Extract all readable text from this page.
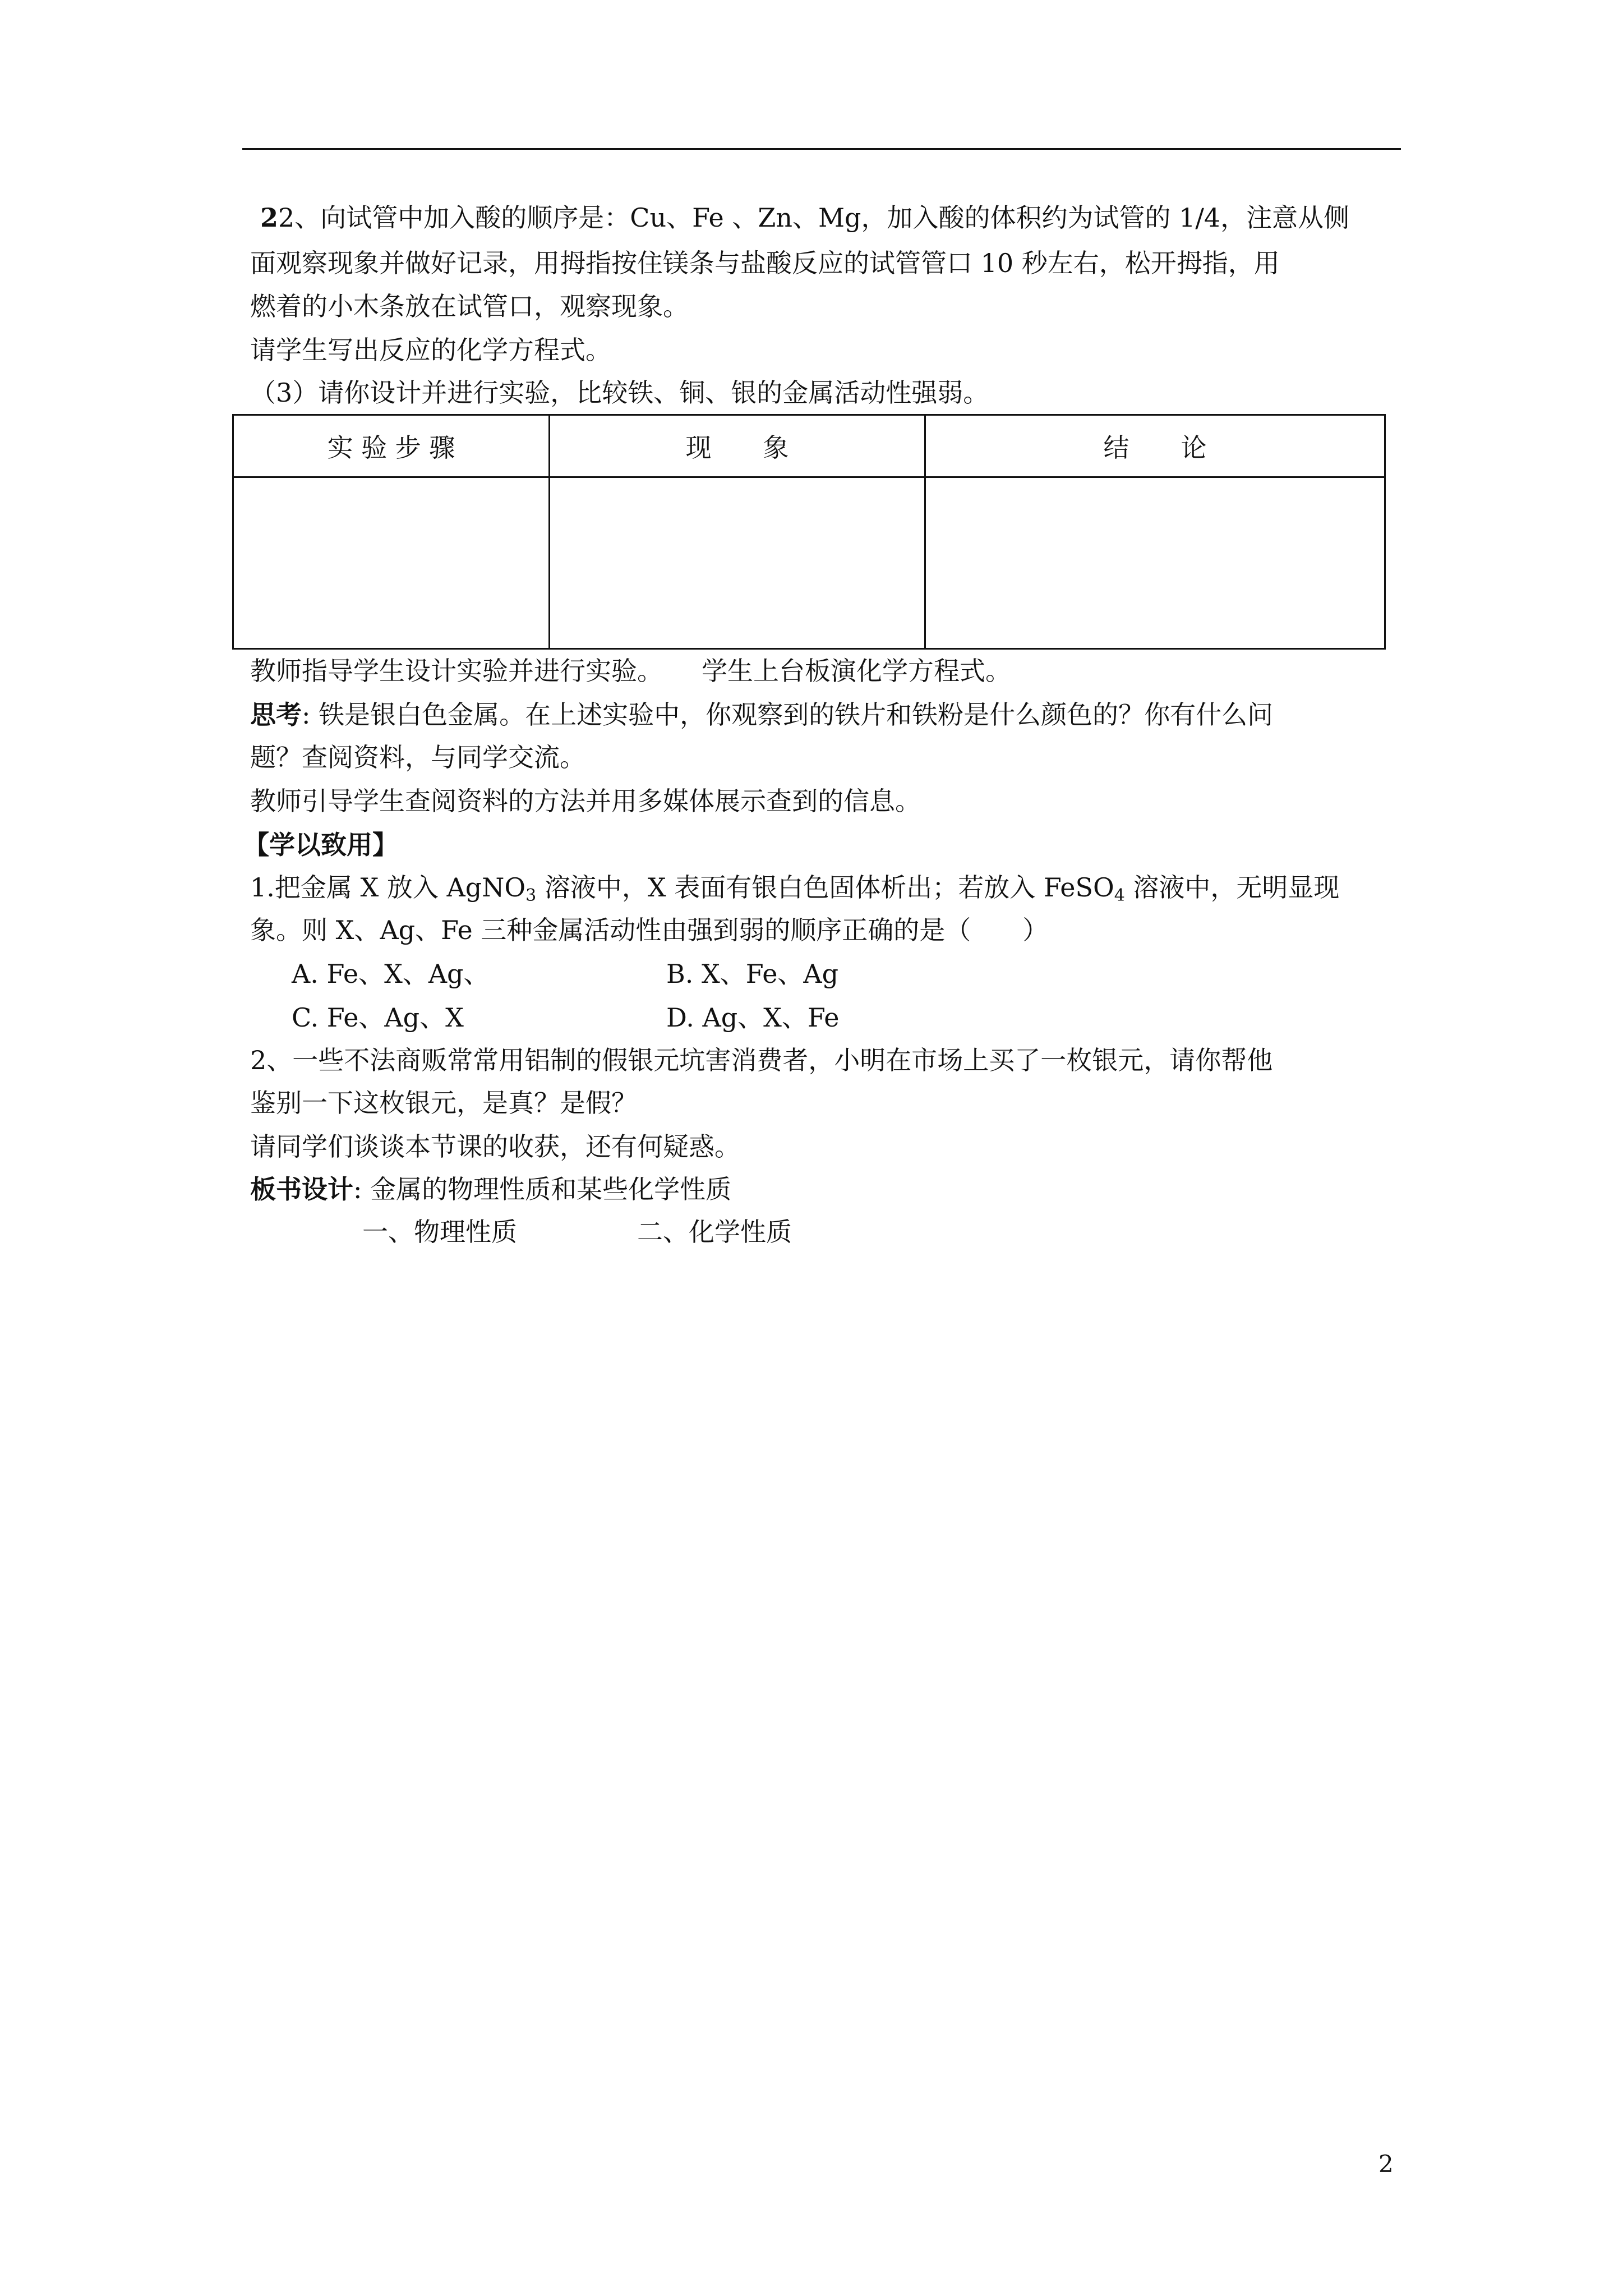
22、向试管中加入酸的顺序是：Cu、Fe 、Zn、Mg，加入酸的体积约为试管的 1/4，注意从侧
面观察现象并做好记录，用拇指按住镁条与盐酸反应的试管管口 10 秒左右，松开拇指，用
燃着的小木条放在试管口，观察现象。
请学生写出反应的化学方程式。
（3）请你设计并进行实验，比较铁、铜、银的金属活动性强弱。
实 验 步 骤	现　　象	结　　论

教师指导学生设计实验并进行实验。　　学生上台板演化学方程式。
思考: 铁是银白色金属。在上述实验中，你观察到的铁片和铁粉是什么颜色的？你有什么问
题？查阅资料，与同学交流。
教师引导学生查阅资料的方法并用多媒体展示查到的信息。
【学以致用】
1.把金属 X 放入 AgNO$_3$ 溶液中，X 表面有银白色固体析出；若放入 FeSO$_4$ 溶液中，无明显现
象。则 X、Ag、Fe 三种金属活动性由强到弱的顺序正确的是（　　）
A. Fe、X、Ag、	B. X、Fe、Ag
C. Fe、Ag、X	D. Ag、X、Fe
2、一些不法商贩常常用铝制的假银元坑害消费者，小明在市场上买了一枚银元，请你帮他
鉴别一下这枚银元，是真？是假？
请同学们谈谈本节课的收获，还有何疑惑。
板书设计: 金属的物理性质和某些化学性质
一、物理性质	二、化学性质
2
